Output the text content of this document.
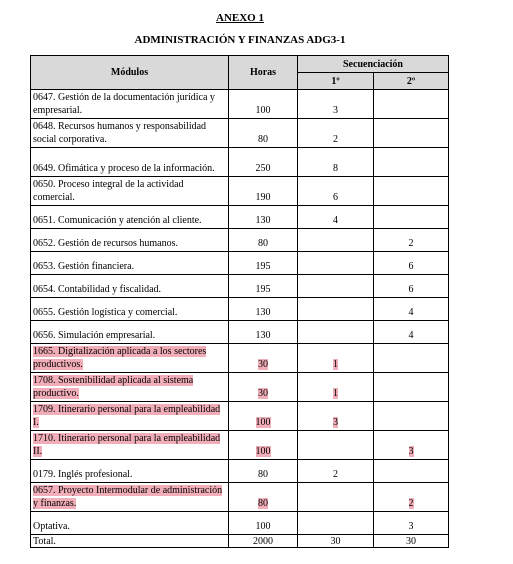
ANEXO 1
ADMINISTRACIÓN Y FINANZAS ADG3-1
Módulos	Horas	Secuenciación	
		1º	2º
0647. Gestión de la documentación jurídica y empresarial.	100	3	
0648. Recursos humanos y responsabilidad social corporativa.	80	2	
0649. Ofimática y proceso de la información.	250	8	
0650. Proceso integral de la actividad comercial.	190	6	
0651. Comunicación y atención al cliente.	130	4	
0652. Gestión de recursos humanos.	80		2
0653. Gestión financiera.	195		6
0654. Contabilidad y fiscalidad.	195		6
0655. Gestión logística y comercial.	130		4
0656. Simulación empresarial.	130		4
1665. Digitalización aplicada a los sectores productivos.	30	1	
1708. Sostenibilidad aplicada al sistema productivo.	30	1	
1709. Itinerario personal para la empleabilidad I.	100	3	
1710. Itinerario personal para la empleabilidad II.	100		3
0179. Inglés profesional.	80	2	
0657. Proyecto Intermodular de administración y finanzas.	80		2
Optativa.	100		3
Total.	2000	30	30
